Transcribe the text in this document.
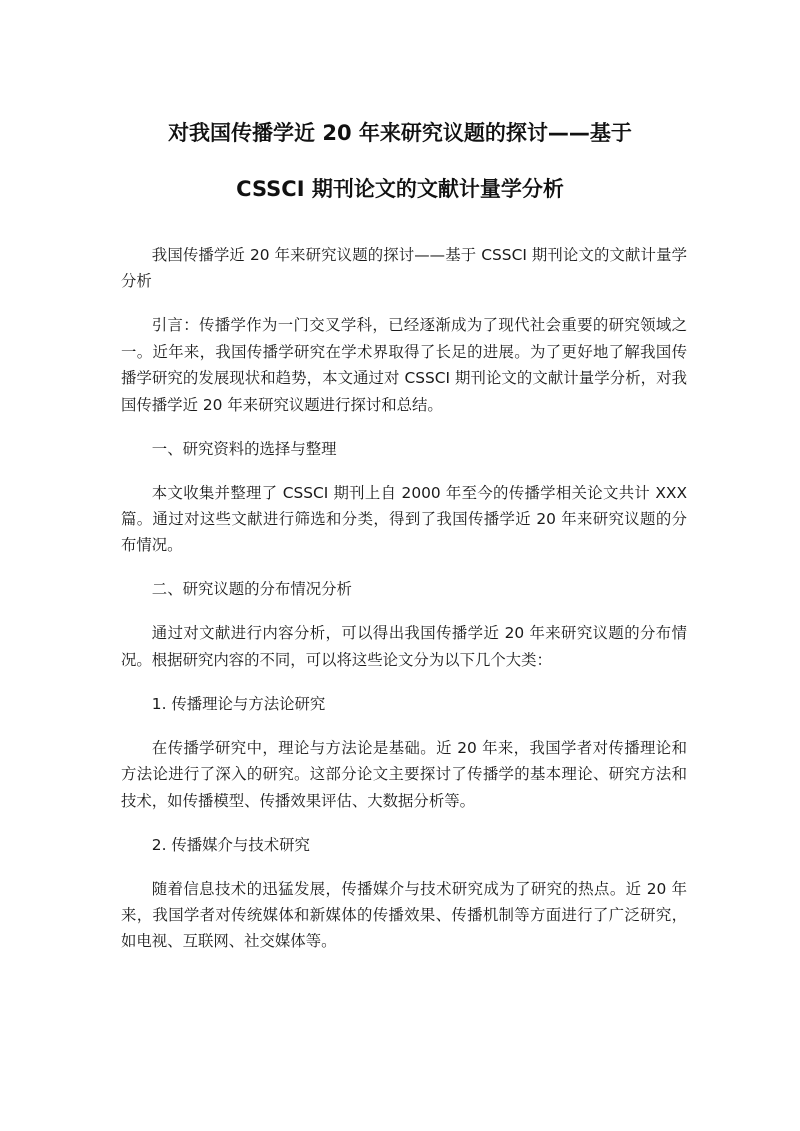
对我国传播学近 20 年来研究议题的探讨——基于
CSSCI 期刊论文的文献计量学分析

我国传播学近 20 年来研究议题的探讨——基于 CSSCI 期刊论文的文献计量学分析

引言：传播学作为一门交叉学科，已经逐渐成为了现代社会重要的研究领域之一。近年来，我国传播学研究在学术界取得了长足的进展。为了更好地了解我国传播学研究的发展现状和趋势，本文通过对 CSSCI 期刊论文的文献计量学分析，对我国传播学近 20 年来研究议题进行探讨和总结。

一、研究资料的选择与整理

本文收集并整理了 CSSCI 期刊上自 2000 年至今的传播学相关论文共计 XXX 篇。通过对这些文献进行筛选和分类，得到了我国传播学近 20 年来研究议题的分布情况。

二、研究议题的分布情况分析

通过对文献进行内容分析，可以得出我国传播学近 20 年来研究议题的分布情况。根据研究内容的不同，可以将这些论文分为以下几个大类：

1. 传播理论与方法论研究

在传播学研究中，理论与方法论是基础。近 20 年来，我国学者对传播理论和方法论进行了深入的研究。这部分论文主要探讨了传播学的基本理论、研究方法和技术，如传播模型、传播效果评估、大数据分析等。

2. 传播媒介与技术研究

随着信息技术的迅猛发展，传播媒介与技术研究成为了研究的热点。近 20 年来，我国学者对传统媒体和新媒体的传播效果、传播机制等方面进行了广泛研究，如电视、互联网、社交媒体等。
